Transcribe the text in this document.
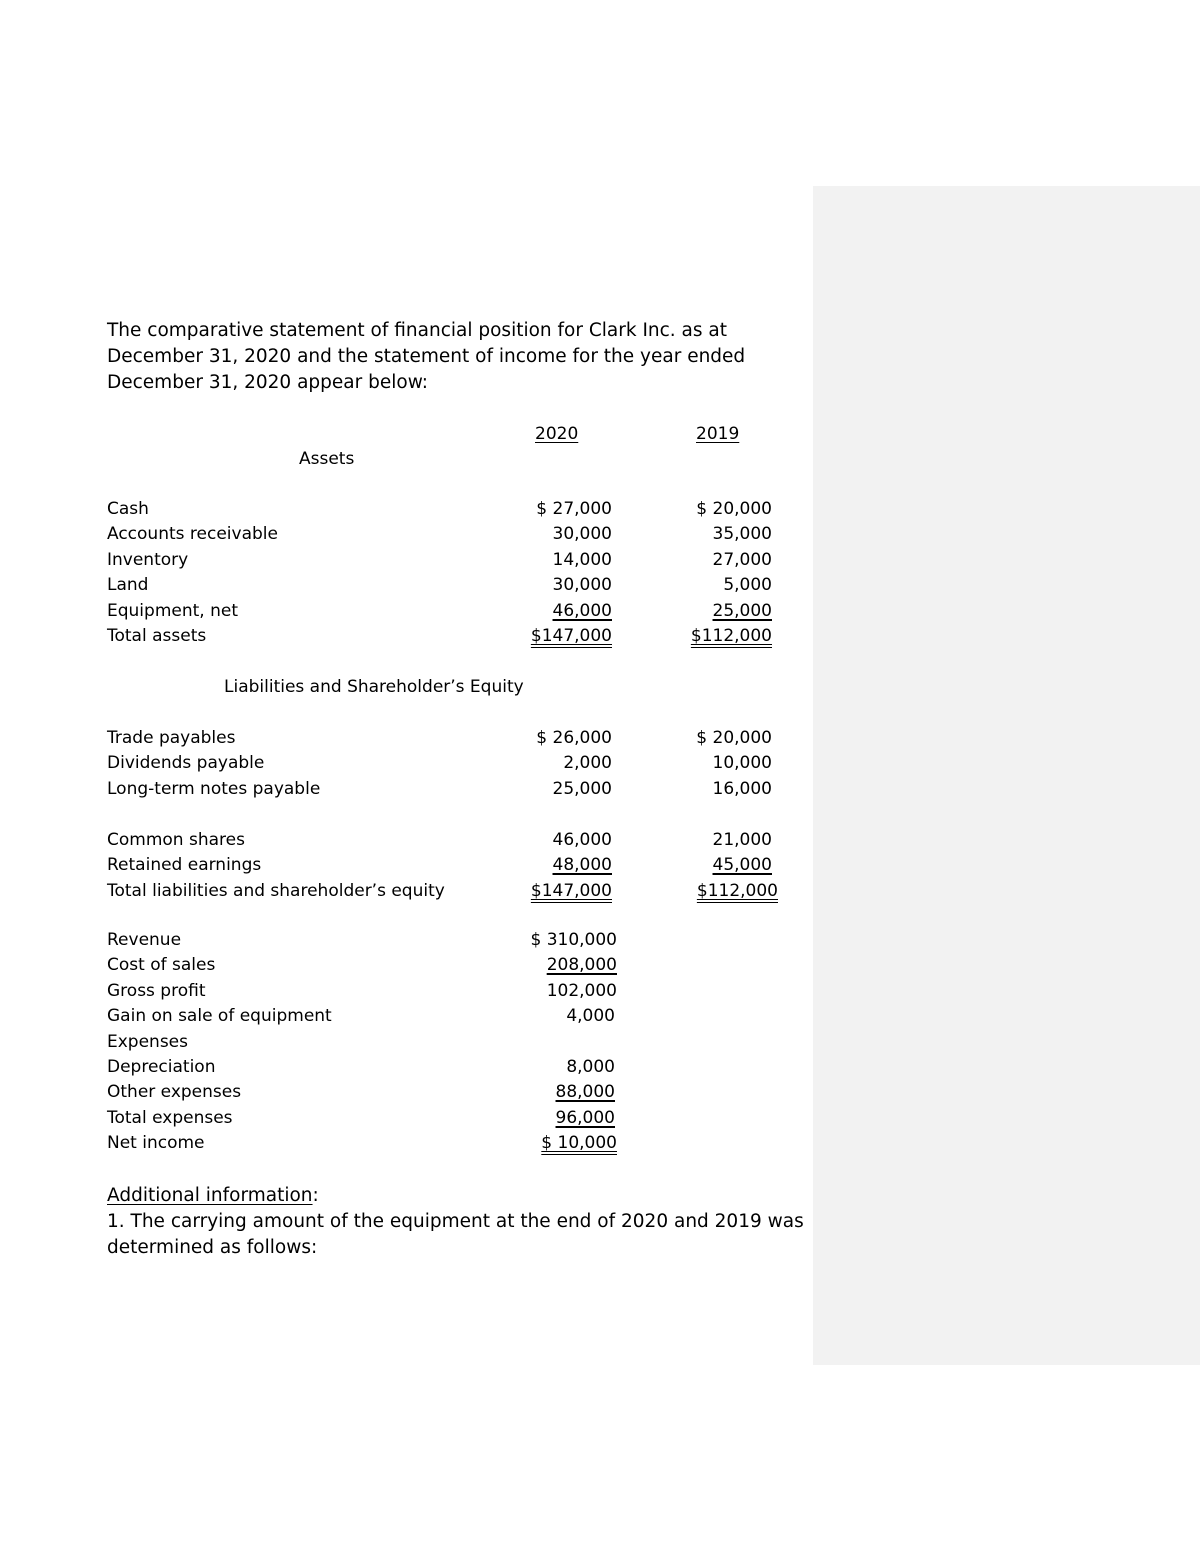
The comparative statement of financial position for Clark Inc. as at December 31, 2020 and the statement of income for the year ended December 31, 2020 appear below:
2020	2019
Assets
Cash	$ 27,000	$ 20,000
Accounts receivable	30,000	35,000
Inventory	14,000	27,000
Land	30,000	5,000
Equipment, net	46,000	25,000
Total assets	$147,000	$112,000
Liabilities and Shareholder’s Equity
Trade payables	$ 26,000	$ 20,000
Dividends payable	2,000	10,000
Long-term notes payable	25,000	16,000
Common shares	46,000	21,000
Retained earnings	48,000	45,000
Total liabilities and shareholder’s equity	$147,000	$112,000
Revenue	$ 310,000
Cost of sales	208,000
Gross profit	102,000
Gain on sale of equipment	4,000
Expenses
Depreciation	8,000
Other expenses	88,000
Total expenses	96,000
Net income	$ 10,000
Additional information:
1. The carrying amount of the equipment at the end of 2020 and 2019 was determined as follows:
